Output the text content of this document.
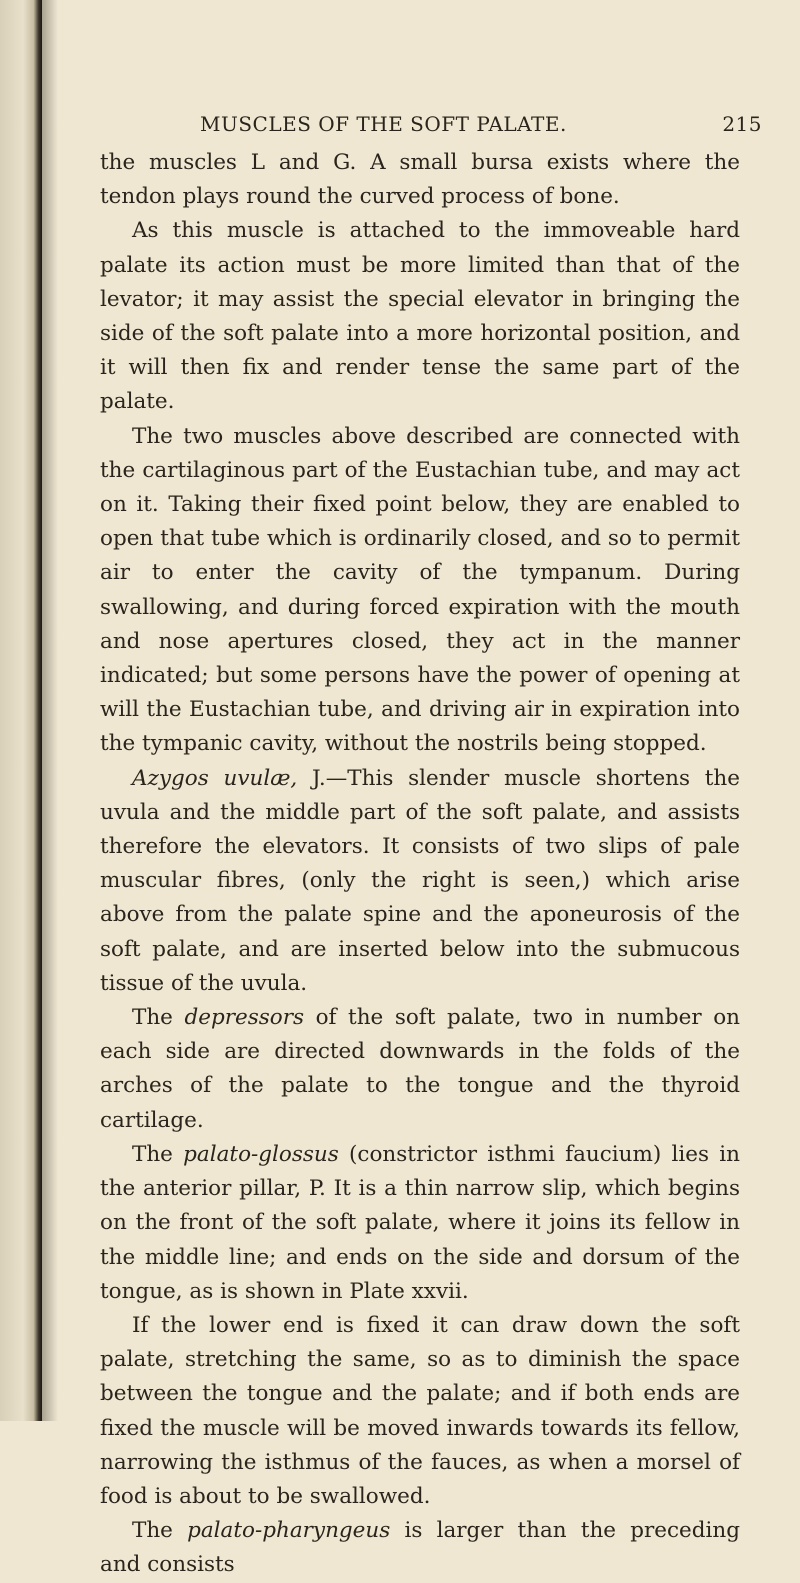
MUSCLES OF THE SOFT PALATE.	215

the muscles L and G. A small bursa exists where the tendon plays round the curved process of bone.

As this muscle is attached to the immoveable hard palate its action must be more limited than that of the levator; it may assist the special elevator in bringing the side of the soft palate into a more horizontal position, and it will then fix and render tense the same part of the palate.

The two muscles above described are connected with the cartilaginous part of the Eustachian tube, and may act on it. Taking their fixed point below, they are enabled to open that tube which is ordinarily closed, and so to permit air to enter the cavity of the tympanum. During swallowing, and during forced expiration with the mouth and nose apertures closed, they act in the manner indicated; but some persons have the power of opening at will the Eustachian tube, and driving air in expiration into the tympanic cavity, without the nostrils being stopped.

Azygos uvulæ, J.—This slender muscle shortens the uvula and the middle part of the soft palate, and assists therefore the elevators. It consists of two slips of pale muscular fibres, (only the right is seen,) which arise above from the palate spine and the aponeurosis of the soft palate, and are inserted below into the submucous tissue of the uvula.

The depressors of the soft palate, two in number on each side are directed downwards in the folds of the arches of the palate to the tongue and the thyroid cartilage.

The palato-glossus (constrictor isthmi faucium) lies in the anterior pillar, P. It is a thin narrow slip, which begins on the front of the soft palate, where it joins its fellow in the middle line; and ends on the side and dorsum of the tongue, as is shown in Plate xxvii.

If the lower end is fixed it can draw down the soft palate, stretching the same, so as to diminish the space between the tongue and the palate; and if both ends are fixed the muscle will be moved inwards towards its fellow, narrowing the isthmus of the fauces, as when a morsel of food is about to be swallowed.

The palato-pharyngeus is larger than the preceding and consists
